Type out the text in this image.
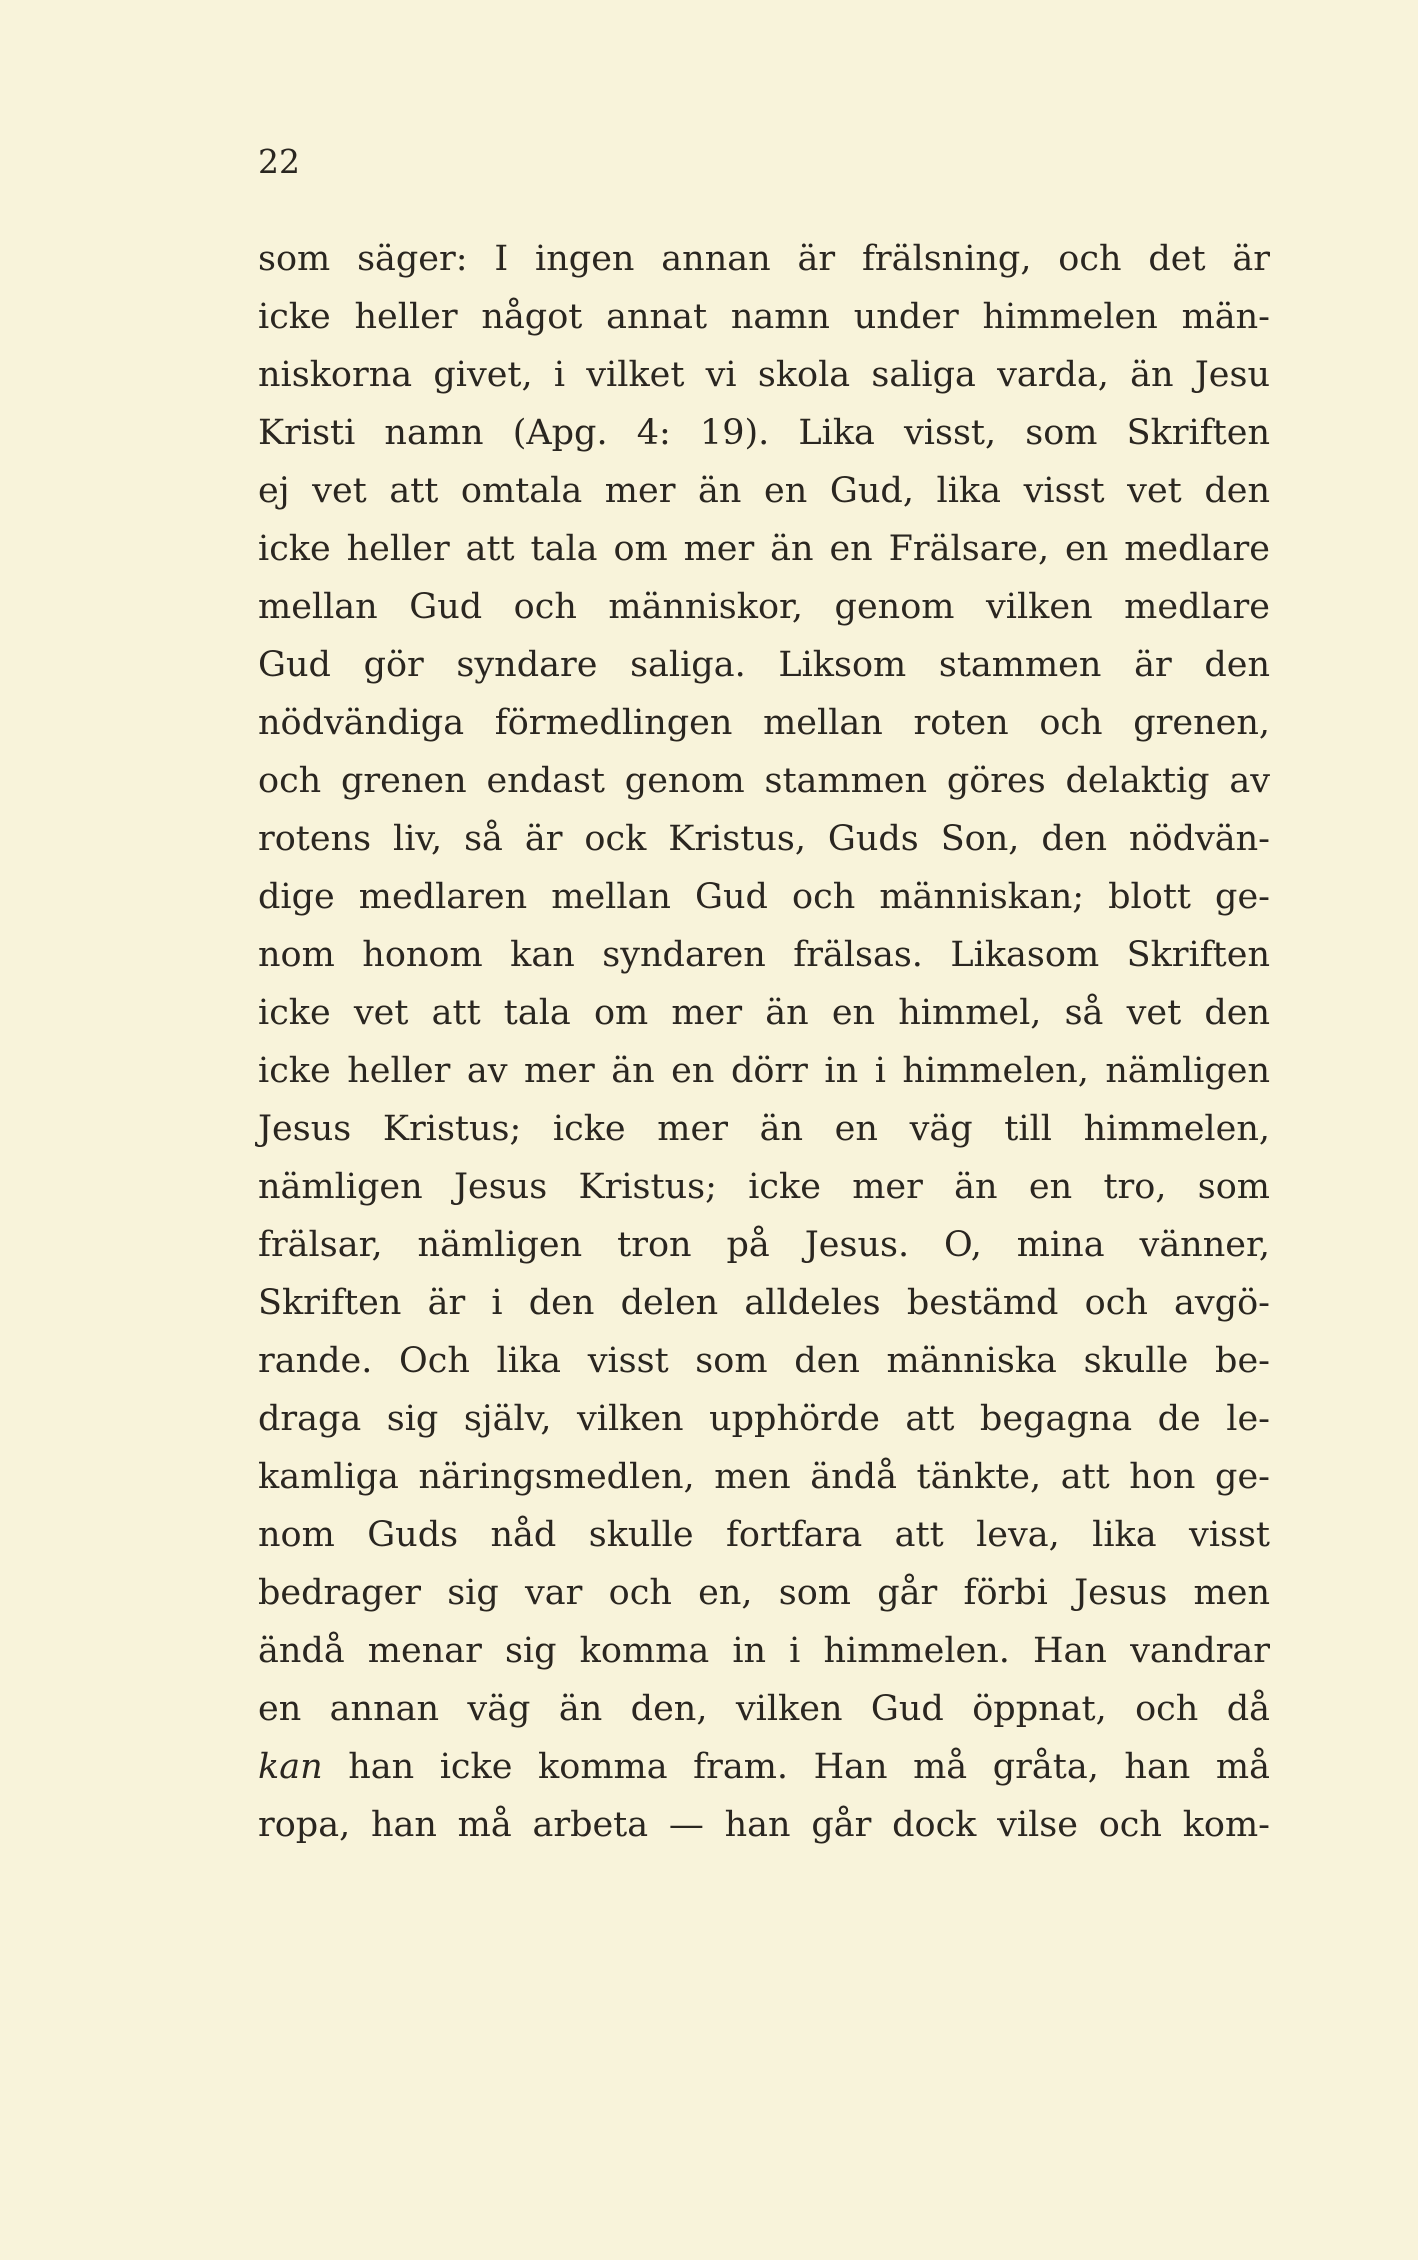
22
som säger: I ingen annan är frälsning, och det är
icke heller något annat namn under himmelen män-
niskorna givet, i vilket vi skola saliga varda, än Jesu
Kristi namn (Apg. 4: 19). Lika visst, som Skriften
ej vet att omtala mer än en Gud, lika visst vet den
icke heller att tala om mer än en Frälsare, en medlare
mellan Gud och människor, genom vilken medlare
Gud gör syndare saliga. Liksom stammen är den
nödvändiga förmedlingen mellan roten och grenen,
och grenen endast genom stammen göres delaktig av
rotens liv, så är ock Kristus, Guds Son, den nödvän-
dige medlaren mellan Gud och människan; blott ge-
nom honom kan syndaren frälsas. Likasom Skriften
icke vet att tala om mer än en himmel, så vet den
icke heller av mer än en dörr in i himmelen, nämligen
Jesus Kristus; icke mer än en väg till himmelen,
nämligen Jesus Kristus; icke mer än en tro, som
frälsar, nämligen tron på Jesus. O, mina vänner,
Skriften är i den delen alldeles bestämd och avgö-
rande. Och lika visst som den människa skulle be-
draga sig själv, vilken upphörde att begagna de le-
kamliga näringsmedlen, men ändå tänkte, att hon ge-
nom Guds nåd skulle fortfara att leva, lika visst
bedrager sig var och en, som går förbi Jesus men
ändå menar sig komma in i himmelen. Han vandrar
en annan väg än den, vilken Gud öppnat, och då
kan han icke komma fram. Han må gråta, han må
ropa, han må arbeta — han går dock vilse och kom-
